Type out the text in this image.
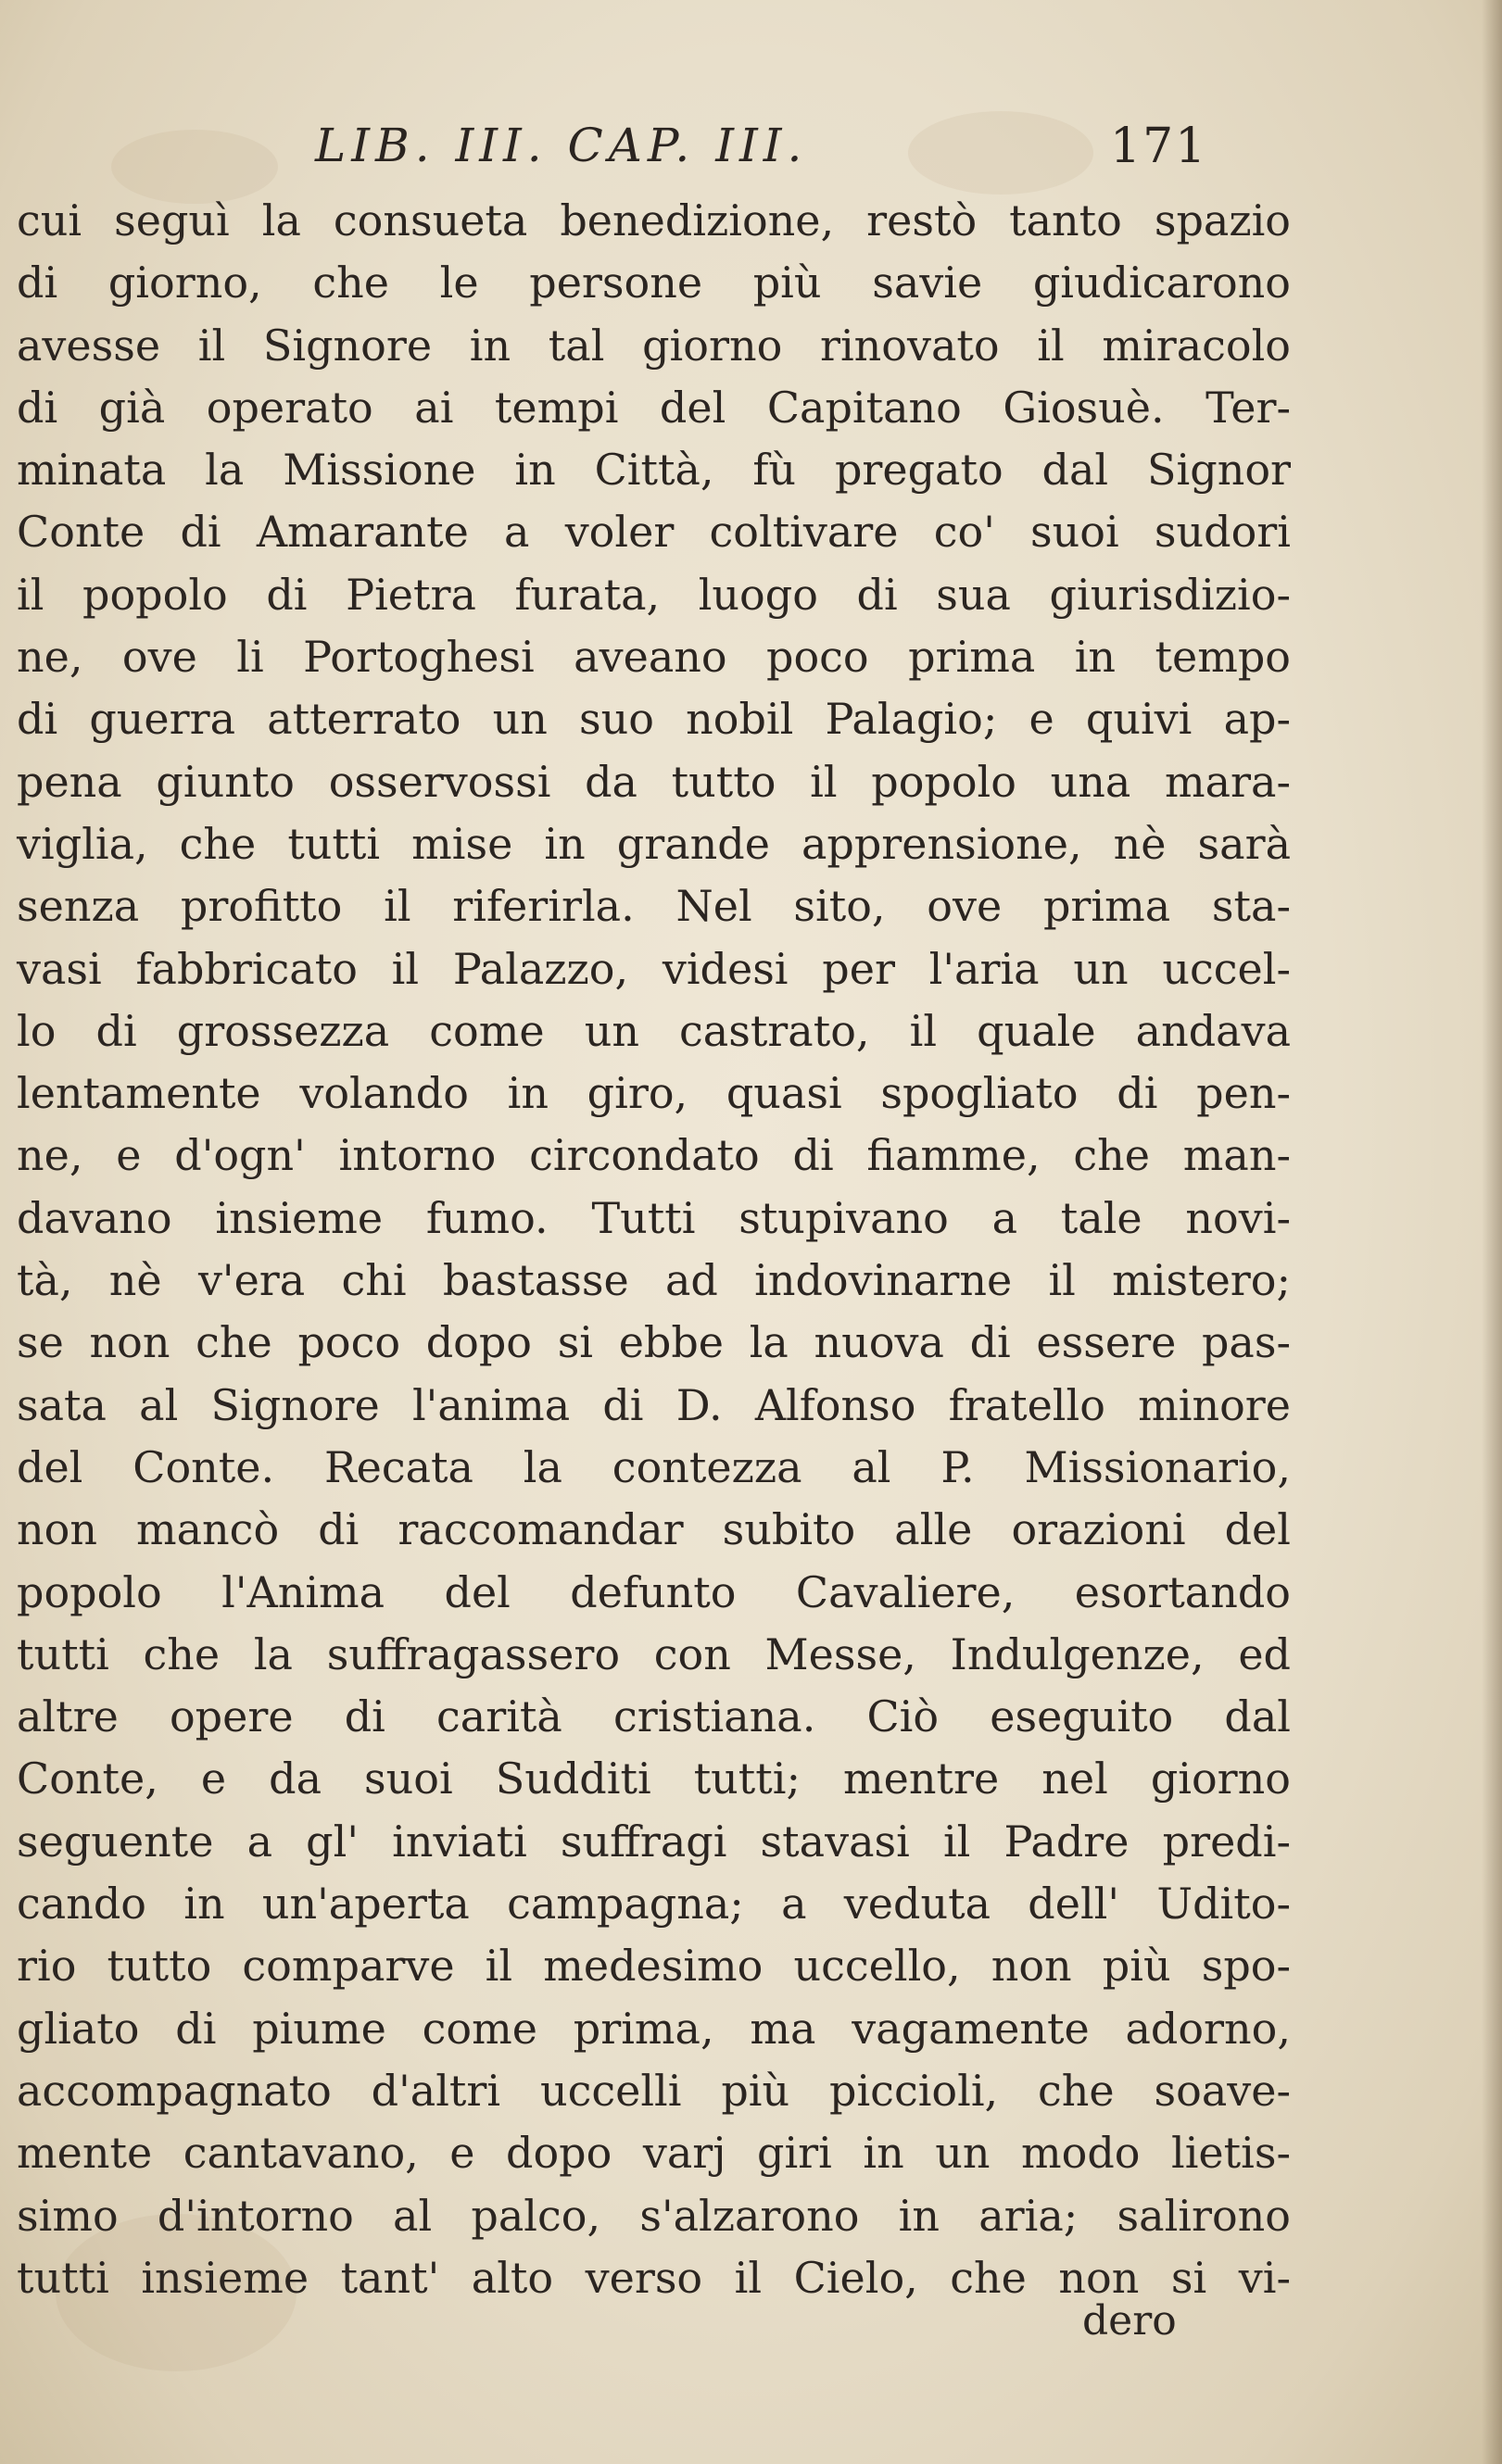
LIB. III. CAP. III.	171
cui seguì la consueta benedizione, restò tanto spazio
di giorno, che le persone più savie giudicarono
avesse il Signore in tal giorno rinovato il miracolo
di già operato ai tempi del Capitano Giosuè. Ter-
minata la Missione in Città, fù pregato dal Signor
Conte di Amarante a voler coltivare co' suoi sudori
il popolo di Pietra furata, luogo di sua giurisdizio-
ne, ove li Portoghesi aveano poco prima in tempo
di guerra atterrato un suo nobil Palagio; e quivi ap-
pena giunto osservossi da tutto il popolo una mara-
viglia, che tutti mise in grande apprensione, nè sarà
senza profitto il riferirla. Nel sito, ove prima sta-
vasi fabbricato il Palazzo, videsi per l'aria un uccel-
lo di grossezza come un castrato, il quale andava
lentamente volando in giro, quasi spogliato di pen-
ne, e d'ogn' intorno circondato di fiamme, che man-
davano insieme fumo. Tutti stupivano a tale novi-
tà, nè v'era chi bastasse ad indovinarne il mistero;
se non che poco dopo si ebbe la nuova di essere pas-
sata al Signore l'anima di D. Alfonso fratello minore
del Conte. Recata la contezza al P. Missionario,
non mancò di raccomandar subito alle orazioni del
popolo l'Anima del defunto Cavaliere, esortando
tutti che la suffragassero con Messe, Indulgenze, ed
altre opere di carità cristiana. Ciò eseguito dal
Conte, e da suoi Sudditi tutti; mentre nel giorno
seguente a gl' inviati suffragi stavasi il Padre predi-
cando in un'aperta campagna; a veduta dell' Udito-
rio tutto comparve il medesimo uccello, non più spo-
gliato di piume come prima, ma vagamente adorno,
accompagnato d'altri uccelli più piccioli, che soave-
mente cantavano, e dopo varj giri in un modo lietis-
simo d'intorno al palco, s'alzarono in aria; salirono
tutti insieme tant' alto verso il Cielo, che non si vi-
dero
